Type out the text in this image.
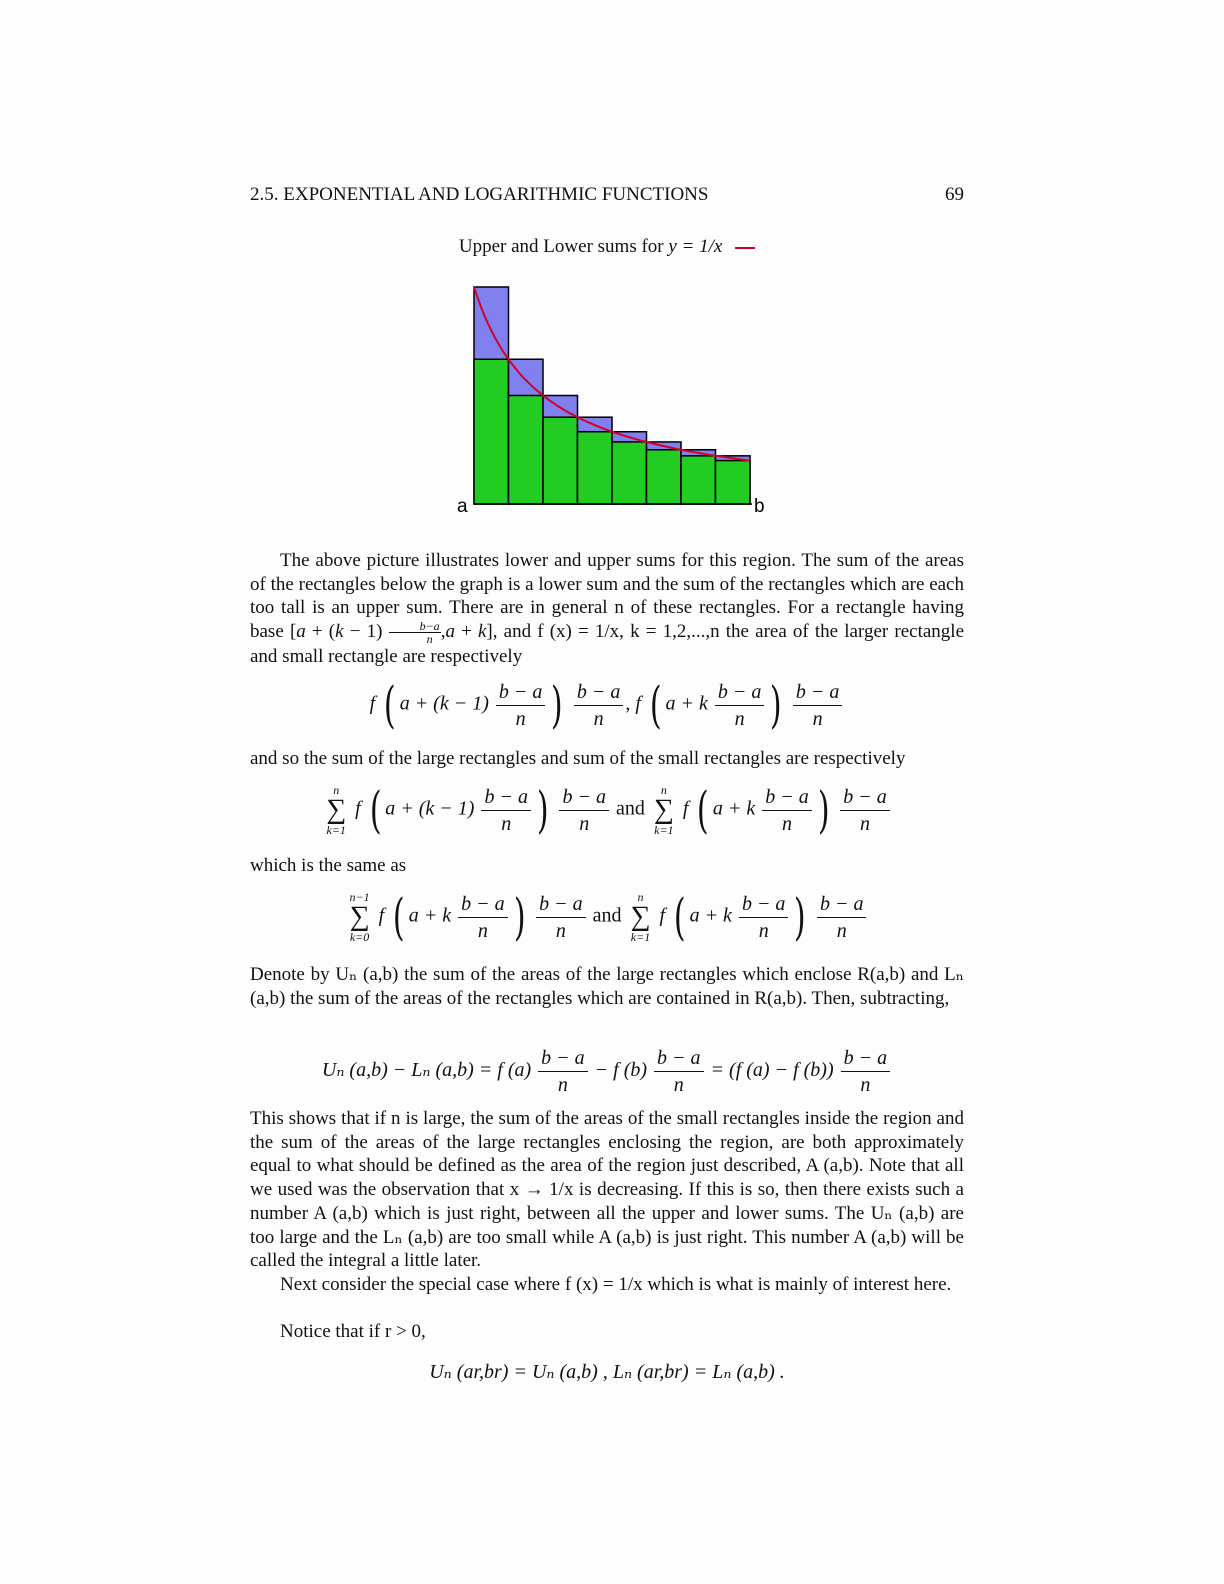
2.5. EXPONENTIAL AND LOGARITHMIC FUNCTIONS	69
Upper and Lower sums for y = 1/x
a	b
The above picture illustrates lower and upper sums for this region. The sum of the areas of the rectangles below the graph is a lower sum and the sum of the rectangles which are each too tall is an upper sum. There are in general n of these rectangles. For a rectangle having base $[a + (k - 1) \frac{b-a}{n} ,a + k]$, and f (x) = 1/x, k = 1,2,...,n the area of the larger rectangle and small rectangle are respectively
f ( $a + (k - 1) \frac{b - a}{n}$ ) $\frac{b - a}{n}$ , f ( a + k $\frac{b - a}{n}$ ) $\frac{b - a}{n}$
and so the sum of the large rectangles and sum of the small rectangles are respectively
n
∑
k=1
f ( $a + (k - 1) \frac{b - a}{n}$ ) $\frac{b - a}{n}$ and
n
∑
k=1
f ( a + k $\frac{b - a}{n}$ ) $\frac{b - a}{n}$
which is the same as
n−1
∑
k=0
f ( a + k $\frac{b - a}{n}$ ) $\frac{b - a}{n}$ and
n
∑
k=1
f ( a + k $\frac{b - a}{n}$ ) $\frac{b - a}{n}$
Denote by Uₙ (a,b) the sum of the areas of the large rectangles which enclose R(a,b) and Lₙ (a,b) the sum of the areas of the rectangles which are contained in R(a,b). Then, subtracting,
Uₙ (a,b) − Lₙ (a,b) = f $(a) \frac{b - a}{n} - f$ $(b) \frac{b - a}{n} = (f$ (a) − f $(b)) \frac{b - a}{n}$
This shows that if n is large, the sum of the areas of the small rectangles inside the region and the sum of the areas of the large rectangles enclosing the region, are both approximately equal to what should be defined as the area of the region just described, A (a,b). Note that all we used was the observation that x → 1/x is decreasing. If this is so, then there exists such a number A (a,b) which is just right, between all the upper and lower sums. The Uₙ (a,b) are too large and the Lₙ (a,b) are too small while A (a,b) is just right. This number A (a,b) will be called the integral a little later.
Next consider the special case where f (x) = 1/x which is what is mainly of interest here.
Notice that if r > 0,
Uₙ (ar,br) = Uₙ (a,b) , Lₙ (ar,br) = Lₙ (a,b) .
